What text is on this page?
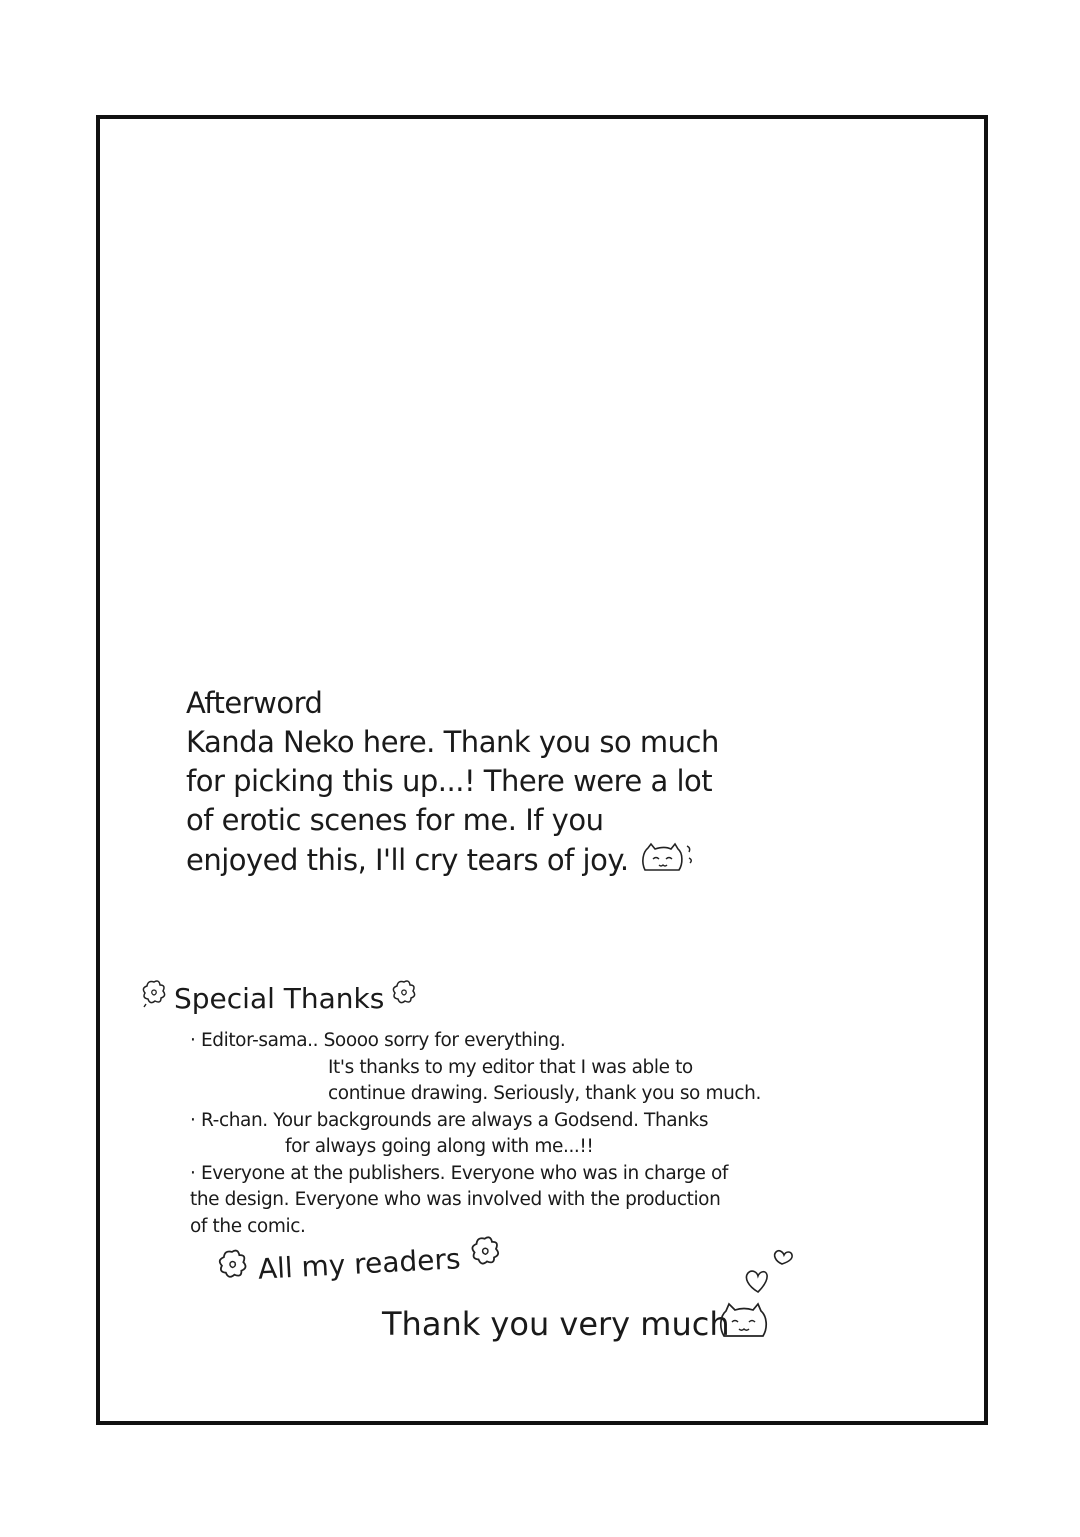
Afterword
Kanda Neko here. Thank you so much
for picking this up...! There were a lot
of erotic scenes for me. If you
enjoyed this, I'll cry tears of joy.
Special Thanks
· Editor-sama.. Soooo sorry for everything.
It's thanks to my editor that I was able to
continue drawing. Seriously, thank you so much.
· R-chan. Your backgrounds are always a Godsend. Thanks
for always going along with me...!!
· Everyone at the publishers. Everyone who was in charge of
the design. Everyone who was involved with the production
of the comic.
All my readers
Thank you very much
